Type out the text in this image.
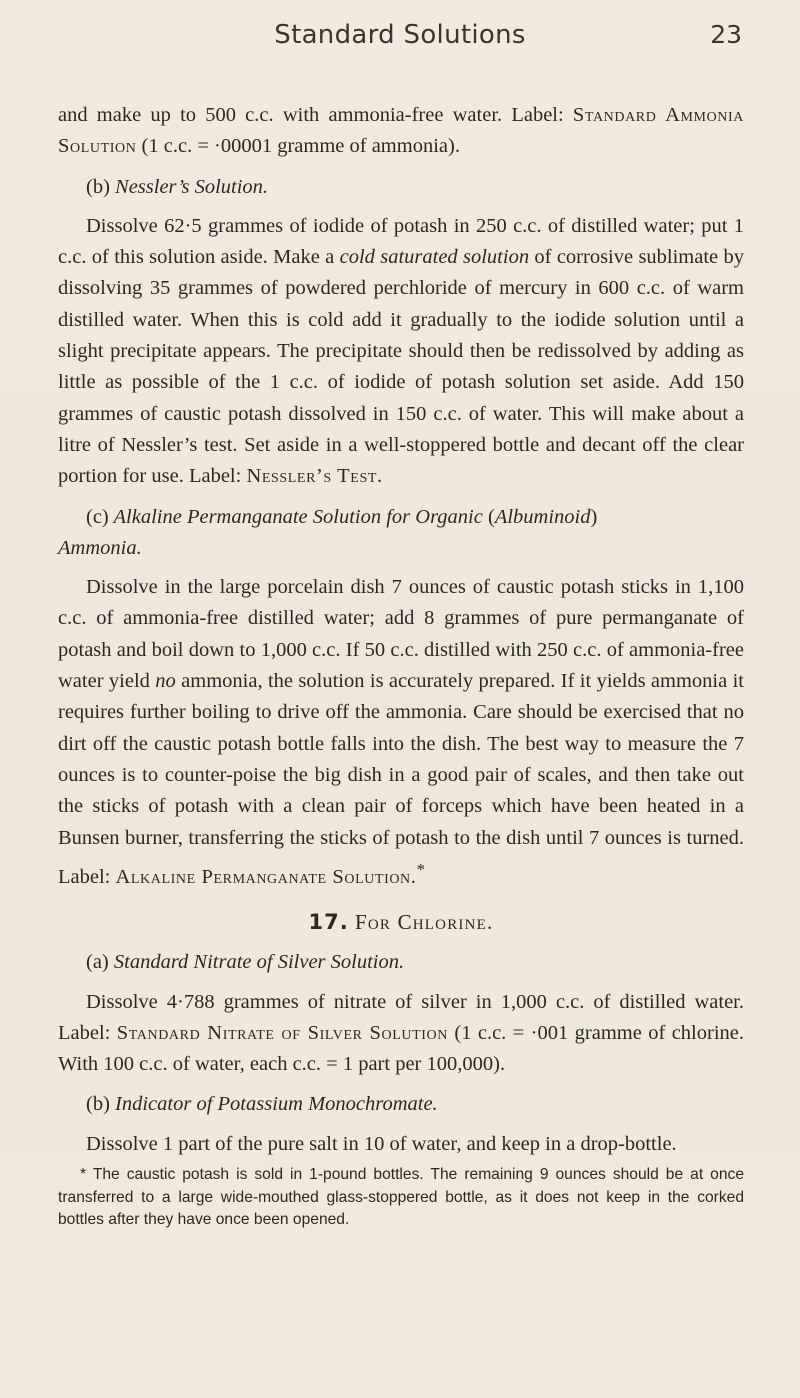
Standard Solutions	23

and make up to 500 c.c. with ammonia-free water. Label: Standard Ammonia Solution (1 c.c. = ·00001 gramme of ammonia).

(b) Nessler’s Solution.

Dissolve 62·5 grammes of iodide of potash in 250 c.c. of distilled water; put 1 c.c. of this solution aside. Make a cold saturated solution of corrosive sublimate by dissolving 35 grammes of powdered perchloride of mercury in 600 c.c. of warm distilled water. When this is cold add it gradually to the iodide solution until a slight precipitate appears. The precipitate should then be redissolved by adding as little as possible of the 1 c.c. of iodide of potash solution set aside. Add 150 grammes of caustic potash dissolved in 150 c.c. of water. This will make about a litre of Nessler’s test. Set aside in a well-stoppered bottle and decant off the clear portion for use. Label: Nessler’s Test.

(c) Alkaline Permanganate Solution for Organic (Albuminoid)
Ammonia.

Dissolve in the large porcelain dish 7 ounces of caustic potash sticks in 1,100 c.c. of ammonia-free distilled water; add 8 grammes of pure permanganate of potash and boil down to 1,000 c.c. If 50 c.c. distilled with 250 c.c. of ammonia-free water yield no ammonia, the solution is accurately prepared. If it yields ammonia it requires further boiling to drive off the ammonia. Care should be exercised that no dirt off the caustic potash bottle falls into the dish. The best way to measure the 7 ounces is to counter-poise the big dish in a good pair of scales, and then take out the sticks of potash with a clean pair of forceps which have been heated in a Bunsen burner, transferring the sticks of potash to the dish until 7 ounces is turned. Label: Alkaline Permanganate Solution.*

17. For Chlorine.

(a) Standard Nitrate of Silver Solution.

Dissolve 4·788 grammes of nitrate of silver in 1,000 c.c. of distilled water. Label: Standard Nitrate of Silver Solution (1 c.c. = ·001 gramme of chlorine. With 100 c.c. of water, each c.c. = 1 part per 100,000).

(b) Indicator of Potassium Monochromate.

Dissolve 1 part of the pure salt in 10 of water, and keep in a drop-bottle.

* The caustic potash is sold in 1-pound bottles. The remaining 9 ounces should be at once transferred to a large wide-mouthed glass-stoppered bottle, as it does not keep in the corked bottles after they have once been opened.
